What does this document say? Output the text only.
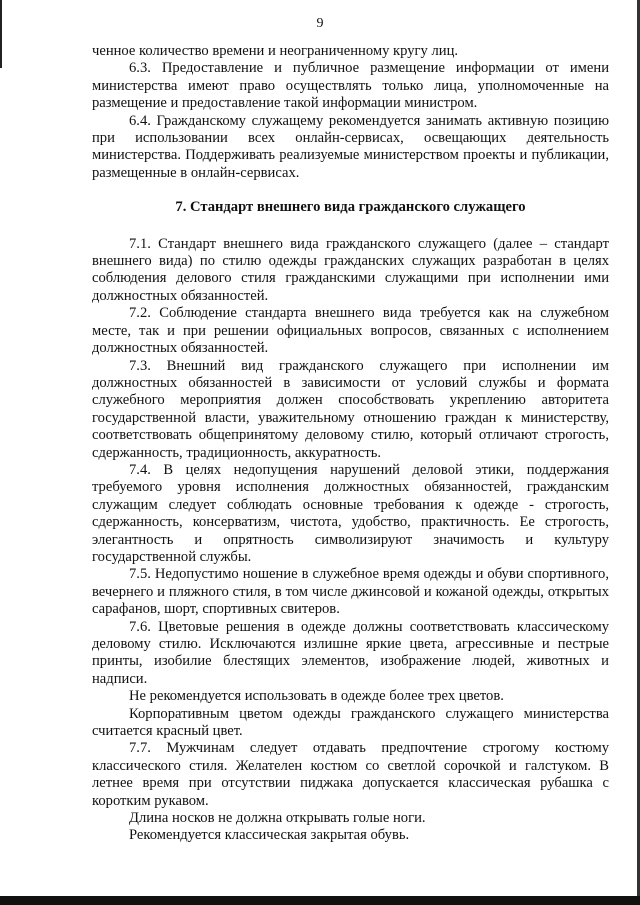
9

ченное количество времени и неограниченному кругу лиц.

6.3. Предоставление и публичное размещение информации от имени министерства имеют право осуществлять только лица, уполномоченные на размещение и предоставление такой информации министром.

6.4. Гражданскому служащему рекомендуется занимать активную позицию при использовании всех онлайн-сервисах, освещающих деятельность министерства. Поддерживать реализуемые министерством проекты и публикации, размещенные в онлайн-сервисах.

7. Стандарт внешнего вида гражданского служащего

7.1. Стандарт внешнего вида гражданского служащего (далее – стандарт внешнего вида) по стилю одежды гражданских служащих разработан в целях соблюдения делового стиля гражданскими служащими при исполнении ими должностных обязанностей.

7.2. Соблюдение стандарта внешнего вида требуется как на служебном месте, так и при решении официальных вопросов, связанных с исполнением должностных обязанностей.

7.3. Внешний вид гражданского служащего при исполнении им должностных обязанностей в зависимости от условий службы и формата служебного мероприятия должен способствовать укреплению авторитета государственной власти, уважительному отношению граждан к министерству, соответствовать общепринятому деловому стилю, который отличают строгость, сдержанность, традиционность, аккуратность.

7.4. В целях недопущения нарушений деловой этики, поддержания требуемого уровня исполнения должностных обязанностей, гражданским служащим следует соблюдать основные требования к одежде - строгость, сдержанность, консерватизм, чистота, удобство, практичность. Ее строгость, элегантность и опрятность символизируют значимость и культуру государственной службы.

7.5. Недопустимо ношение в служебное время одежды и обуви спортивного, вечернего и пляжного стиля, в том числе джинсовой и кожаной одежды, открытых сарафанов, шорт, спортивных свитеров.

7.6. Цветовые решения в одежде должны соответствовать классическому деловому стилю. Исключаются излишне яркие цвета, агрессивные и пестрые принты, изобилие блестящих элементов, изображение людей, животных и надписи.

Не рекомендуется использовать в одежде более трех цветов.

Корпоративным цветом одежды гражданского служащего министерства считается красный цвет.

7.7. Мужчинам следует отдавать предпочтение строгому костюму классического стиля. Желателен костюм со светлой сорочкой и галстуком. В летнее время при отсутствии пиджака допускается классическая рубашка с коротким рукавом.

Длина носков не должна открывать голые ноги.

Рекомендуется классическая закрытая обувь.
